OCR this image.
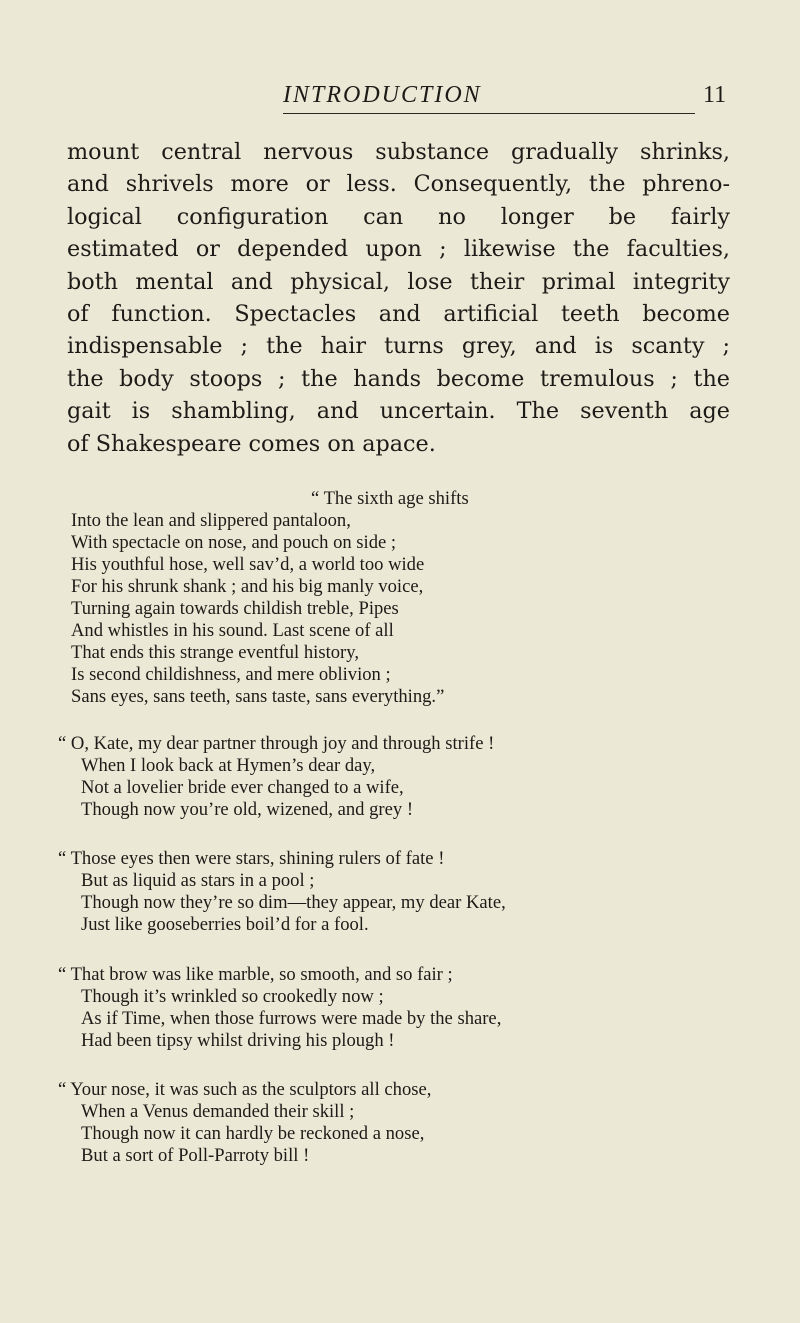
INTRODUCTION	11
mount central nervous substance gradually shrinks,
and shrivels more or less. Consequently, the phreno-
logical configuration can no longer be fairly
estimated or depended upon ; likewise the faculties,
both mental and physical, lose their primal integrity
of function. Spectacles and artificial teeth become
indispensable ; the hair turns grey, and is scanty ;
the body stoops ; the hands become tremulous ; the
gait is shambling, and uncertain. The seventh age
of Shakespeare comes on apace.
“ The sixth age shifts
Into the lean and slippered pantaloon,
With spectacle on nose, and pouch on side ;
His youthful hose, well sav’d, a world too wide
For his shrunk shank ; and his big manly voice,
Turning again towards childish treble, Pipes
And whistles in his sound. Last scene of all
That ends this strange eventful history,
Is second childishness, and mere oblivion ;
Sans eyes, sans teeth, sans taste, sans everything.”
“ O, Kate, my dear partner through joy and through strife !
When I look back at Hymen’s dear day,
Not a lovelier bride ever changed to a wife,
Though now you’re old, wizened, and grey !
“ Those eyes then were stars, shining rulers of fate !
But as liquid as stars in a pool ;
Though now they’re so dim—they appear, my dear Kate,
Just like gooseberries boil’d for a fool.
“ That brow was like marble, so smooth, and so fair ;
Though it’s wrinkled so crookedly now ;
As if Time, when those furrows were made by the share,
Had been tipsy whilst driving his plough !
“ Your nose, it was such as the sculptors all chose,
When a Venus demanded their skill ;
Though now it can hardly be reckoned a nose,
But a sort of Poll-Parroty bill !
